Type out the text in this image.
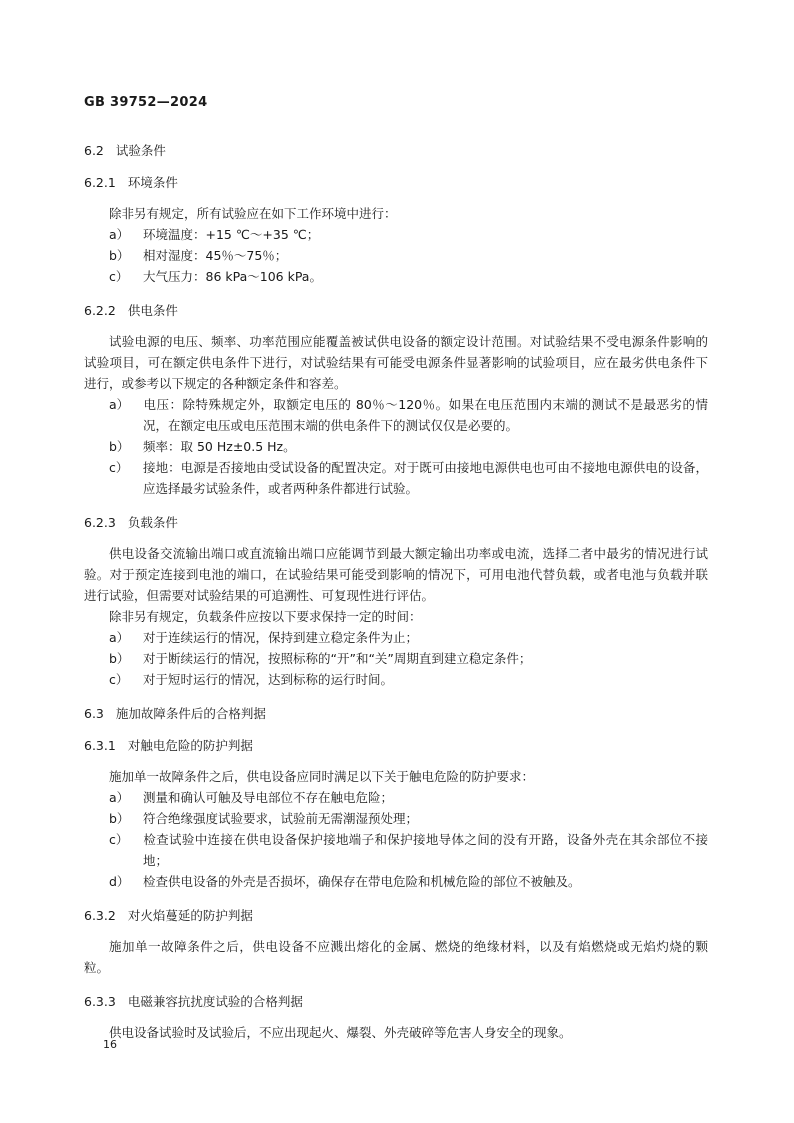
GB 39752—2024
6.2 试验条件
6.2.1 环境条件

除非另有规定，所有试验应在如下工作环境中进行：

a） 环境温度：+15 ℃～+35 ℃；

b） 相对湿度：45％～75％；

c） 大气压力：86 kPa～106 kPa。

6.2.2 供电条件

试验电源的电压、频率、功率范围应能覆盖被试供电设备的额定设计范围。对试验结果不受电源条件影响的试验项目，可在额定供电条件下进行，对试验结果有可能受电源条件显著影响的试验项目，应在最劣供电条件下进行，或参考以下规定的各种额定条件和容差。

a） 电压：除特殊规定外，取额定电压的 80％～120％。如果在电压范围内末端的测试不是最恶劣的情况，在额定电压或电压范围末端的供电条件下的测试仅仅是必要的。

b） 频率：取 50 Hz±0.5 Hz。

c） 接地：电源是否接地由受试设备的配置决定。对于既可由接地电源供电也可由不接地电源供电的设备，应选择最劣试验条件，或者两种条件都进行试验。

6.2.3 负载条件

供电设备交流输出端口或直流输出端口应能调节到最大额定输出功率或电流，选择二者中最劣的情况进行试验。对于预定连接到电池的端口，在试验结果可能受到影响的情况下，可用电池代替负载，或者电池与负载并联进行试验，但需要对试验结果的可追溯性、可复现性进行评估。

除非另有规定，负载条件应按以下要求保持一定的时间：

a） 对于连续运行的情况，保持到建立稳定条件为止；

b） 对于断续运行的情况，按照标称的“开”和“关”周期直到建立稳定条件；

c） 对于短时运行的情况，达到标称的运行时间。

6.3 施加故障条件后的合格判据
6.3.1 对触电危险的防护判据

施加单一故障条件之后，供电设备应同时满足以下关于触电危险的防护要求：

a） 测量和确认可触及导电部位不存在触电危险；

b） 符合绝缘强度试验要求，试验前无需潮湿预处理；

c） 检查试验中连接在供电设备保护接地端子和保护接地导体之间的没有开路，设备外壳在其余部位不接地；

d） 检查供电设备的外壳是否损坏，确保存在带电危险和机械危险的部位不被触及。

6.3.2 对火焰蔓延的防护判据

施加单一故障条件之后，供电设备不应溅出熔化的金属、燃烧的绝缘材料，以及有焰燃烧或无焰灼烧的颗粒。

6.3.3 电磁兼容抗扰度试验的合格判据

供电设备试验时及试验后，不应出现起火、爆裂、外壳破碎等危害人身安全的现象。

16
